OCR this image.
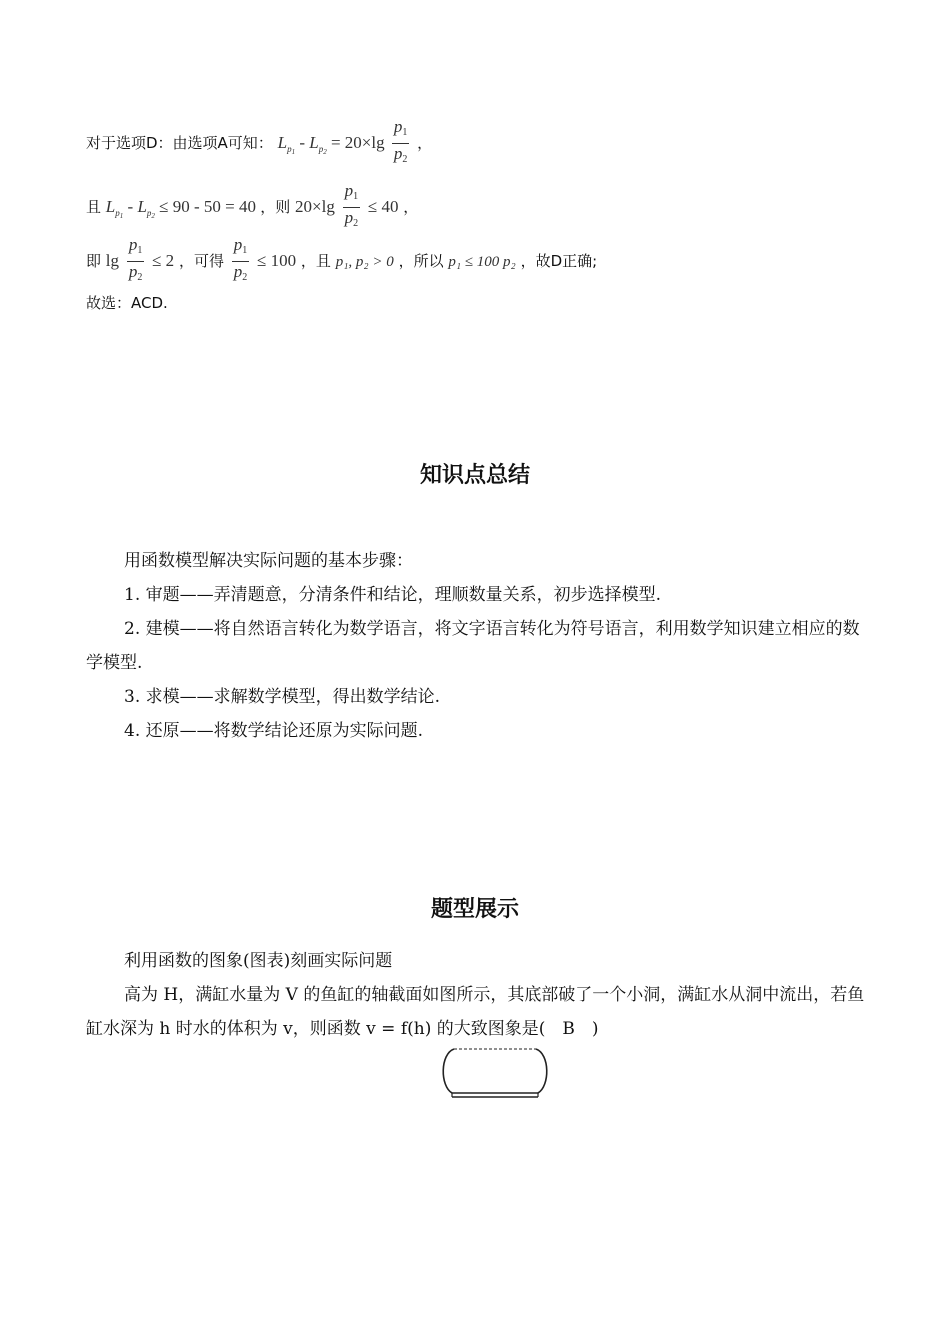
对于选项D：由选项A可知： $L_{p_1} - L_{p_2} = 20\times\lg \frac{p1}{p2}$ ，
且 $L_{p_1} - L_{p_2} \le 90 - 50 = 40$ ，则 $20\times\lg \frac{p1}{p2} \le 40$ ，
即 $\lg \frac{p1}{p2} \le 2$ ，可得 $\frac{p1}{p2} \le 100$ ，且 p₁, p₂ > 0 ，所以 p₁ ≤ 100 p₂ ，故D正确;
故选：ACD.
知识点总结
用函数模型解决实际问题的基本步骤：
1. 审题——弄清题意，分清条件和结论，理顺数量关系，初步选择模型.
2. 建模——将自然语言转化为数学语言，将文字语言转化为符号语言，利用数学知识建立相应的数学模型.
3. 求模——求解数学模型，得出数学结论.
4. 还原——将数学结论还原为实际问题.
题型展示
利用函数的图象(图表)刻画实际问题
高为 H，满缸水量为 V 的鱼缸的轴截面如图所示，其底部破了一个小洞，满缸水从洞中流出，若鱼缸水深为 h 时水的体积为 v，则函数 v = f(h) 的大致图象是(　B　)
